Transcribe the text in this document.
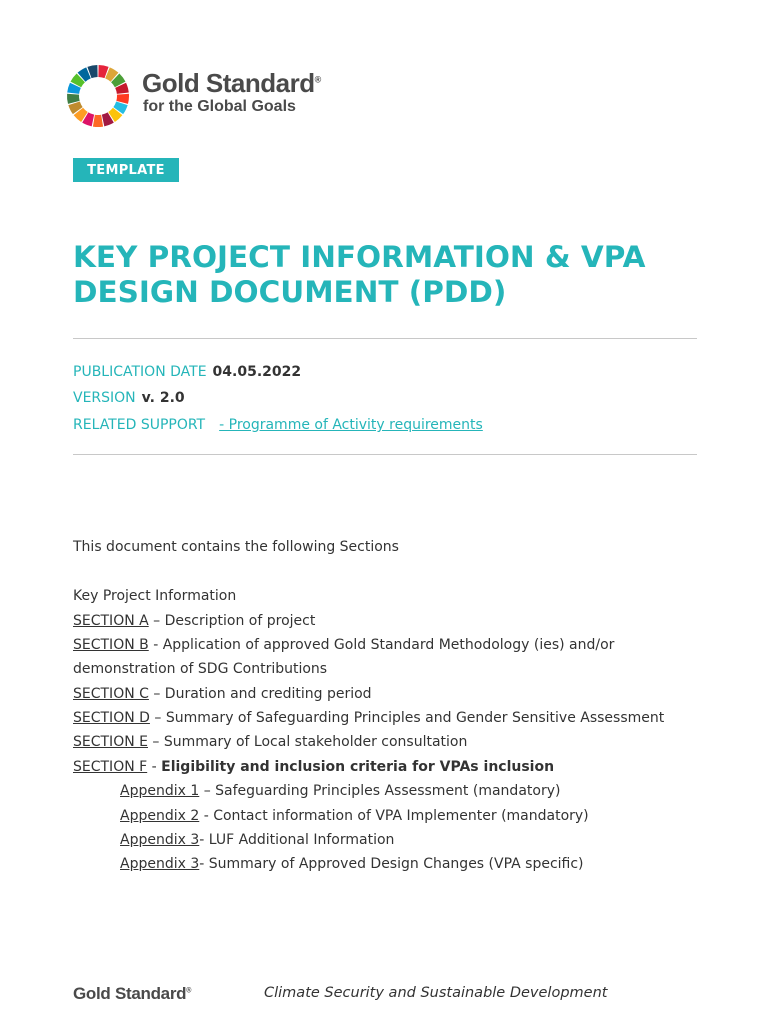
Gold Standard®
for the Global Goals
TEMPLATE
KEY PROJECT INFORMATION & VPA
DESIGN DOCUMENT (PDD)
PUBLICATION DATE 04.05.2022
VERSION v. 2.0
RELATED SUPPORT - Programme of Activity requirements
This document contains the following Sections
Key Project Information
SECTION A – Description of project
SECTION B - Application of approved Gold Standard Methodology (ies) and/or
demonstration of SDG Contributions
SECTION C – Duration and crediting period
SECTION D – Summary of Safeguarding Principles and Gender Sensitive Assessment
SECTION E – Summary of Local stakeholder consultation
SECTION F - Eligibility and inclusion criteria for VPAs inclusion
Appendix 1 – Safeguarding Principles Assessment (mandatory)
Appendix 2 - Contact information of VPA Implementer (mandatory)
Appendix 3- LUF Additional Information
Appendix 3- Summary of Approved Design Changes (VPA specific)
Gold Standard®	Climate Security and Sustainable Development
